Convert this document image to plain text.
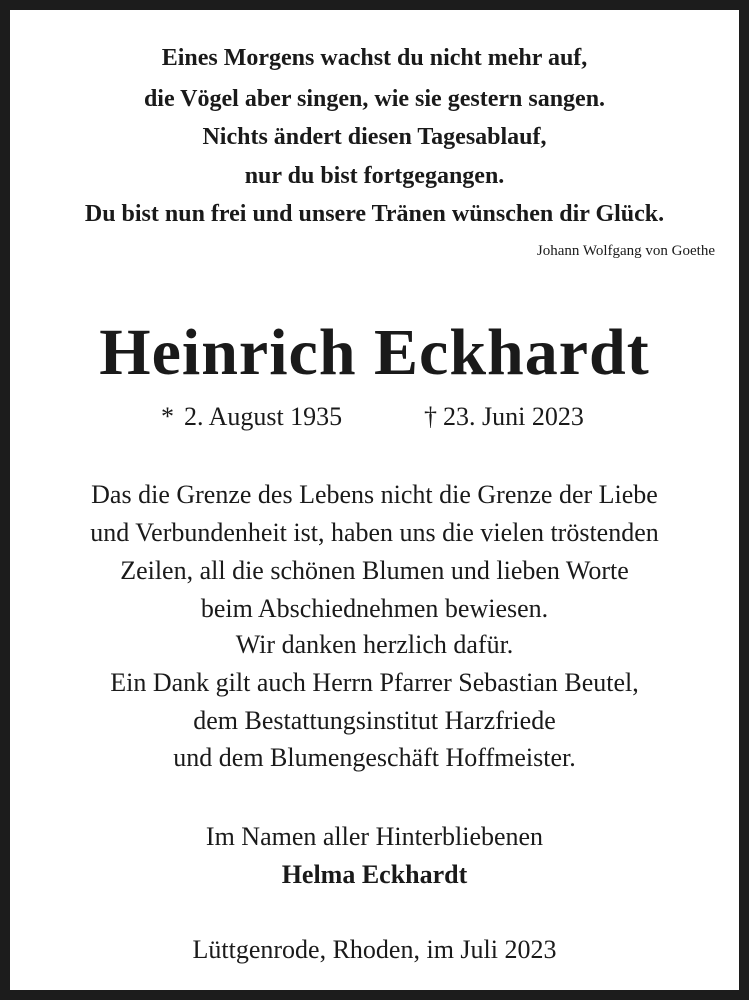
Eines Morgens wachst du nicht mehr auf,
die Vögel aber singen, wie sie gestern sangen.
Nichts ändert diesen Tagesablauf,
nur du bist fortgegangen.
Du bist nun frei und unsere Tränen wünschen dir Glück.
Johann Wolfgang von Goethe
Heinrich Eckhardt
* 2. August 1935	† 23. Juni 2023
Das die Grenze des Lebens nicht die Grenze der Liebe
und Verbundenheit ist, haben uns die vielen tröstenden
Zeilen, all die schönen Blumen und lieben Worte
beim Abschiednehmen bewiesen.
Wir danken herzlich dafür.
Ein Dank gilt auch Herrn Pfarrer Sebastian Beutel,
dem Bestattungsinstitut Harzfriede
und dem Blumengeschäft Hoffmeister.
Im Namen aller Hinterbliebenen
Helma Eckhardt
Lüttgenrode, Rhoden, im Juli 2023
